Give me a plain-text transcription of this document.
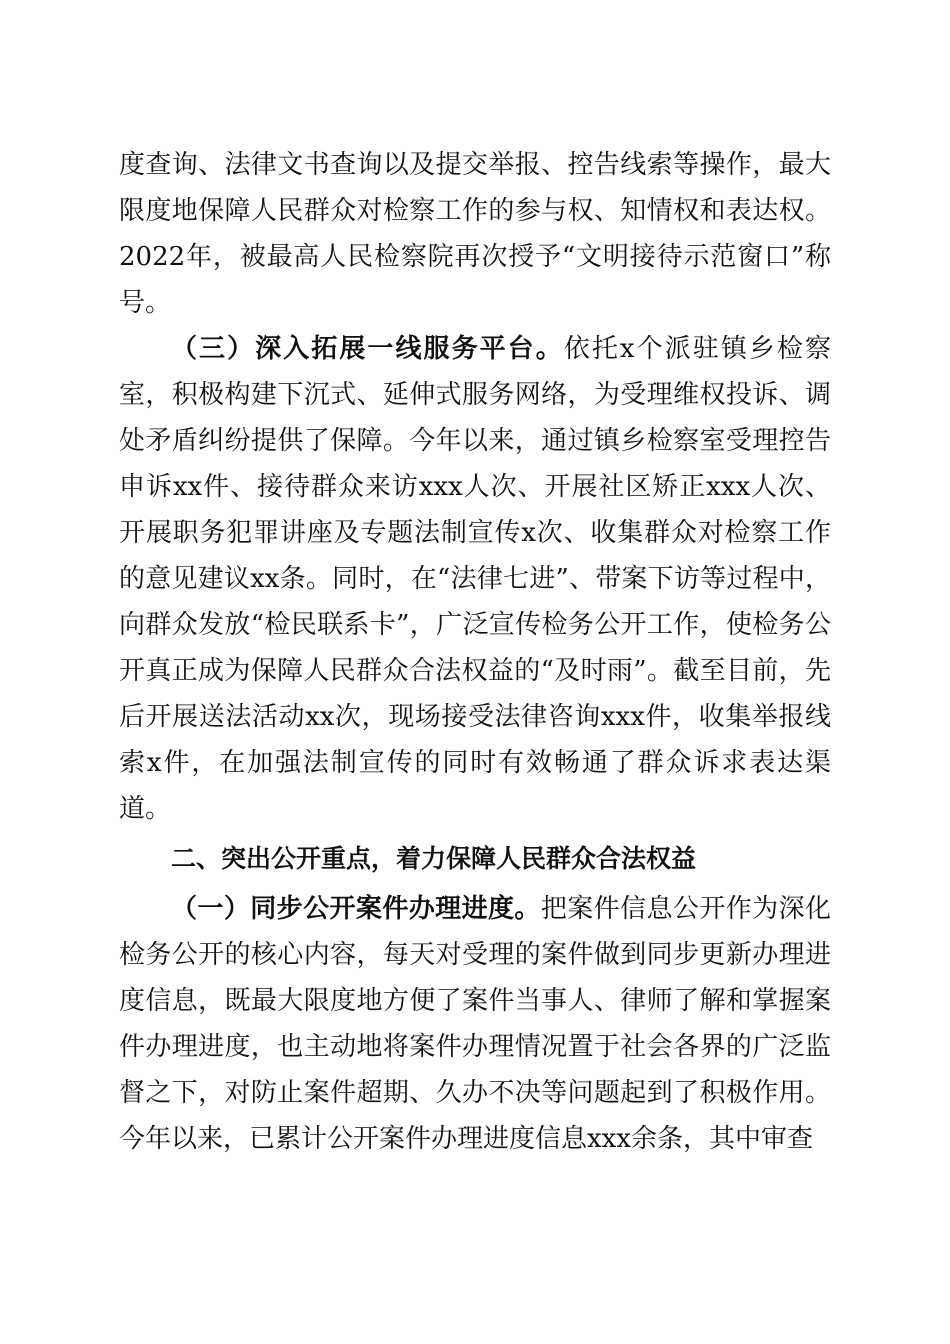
度查询、法律文书查询以及提交举报、控告线索等操作，最大限度地保障人民群众对检察工作的参与权、知情权和表达权。2022年，被最高人民检察院再次授予“文明接待示范窗口”称号。

（三）深入拓展一线服务平台。依托x个派驻镇乡检察室，积极构建下沉式、延伸式服务网络，为受理维权投诉、调处矛盾纠纷提供了保障。今年以来，通过镇乡检察室受理控告申诉xx件、接待群众来访xxx人次、开展社区矫正xxx人次、开展职务犯罪讲座及专题法制宣传x次、收集群众对检察工作的意见建议xx条。同时，在“法律七进”、带案下访等过程中，向群众发放“检民联系卡”，广泛宣传检务公开工作，使检务公开真正成为保障人民群众合法权益的“及时雨”。截至目前，先后开展送法活动xx次，现场接受法律咨询xxx件，收集举报线索x件，在加强法制宣传的同时有效畅通了群众诉求表达渠道。

二、突出公开重点，着力保障人民群众合法权益

（一）同步公开案件办理进度。把案件信息公开作为深化检务公开的核心内容，每天对受理的案件做到同步更新办理进度信息，既最大限度地方便了案件当事人、律师了解和掌握案件办理进度，也主动地将案件办理情况置于社会各界的广泛监督之下，对防止案件超期、久办不决等问题起到了积极作用。今年以来，已累计公开案件办理进度信息xxx余条，其中审查
